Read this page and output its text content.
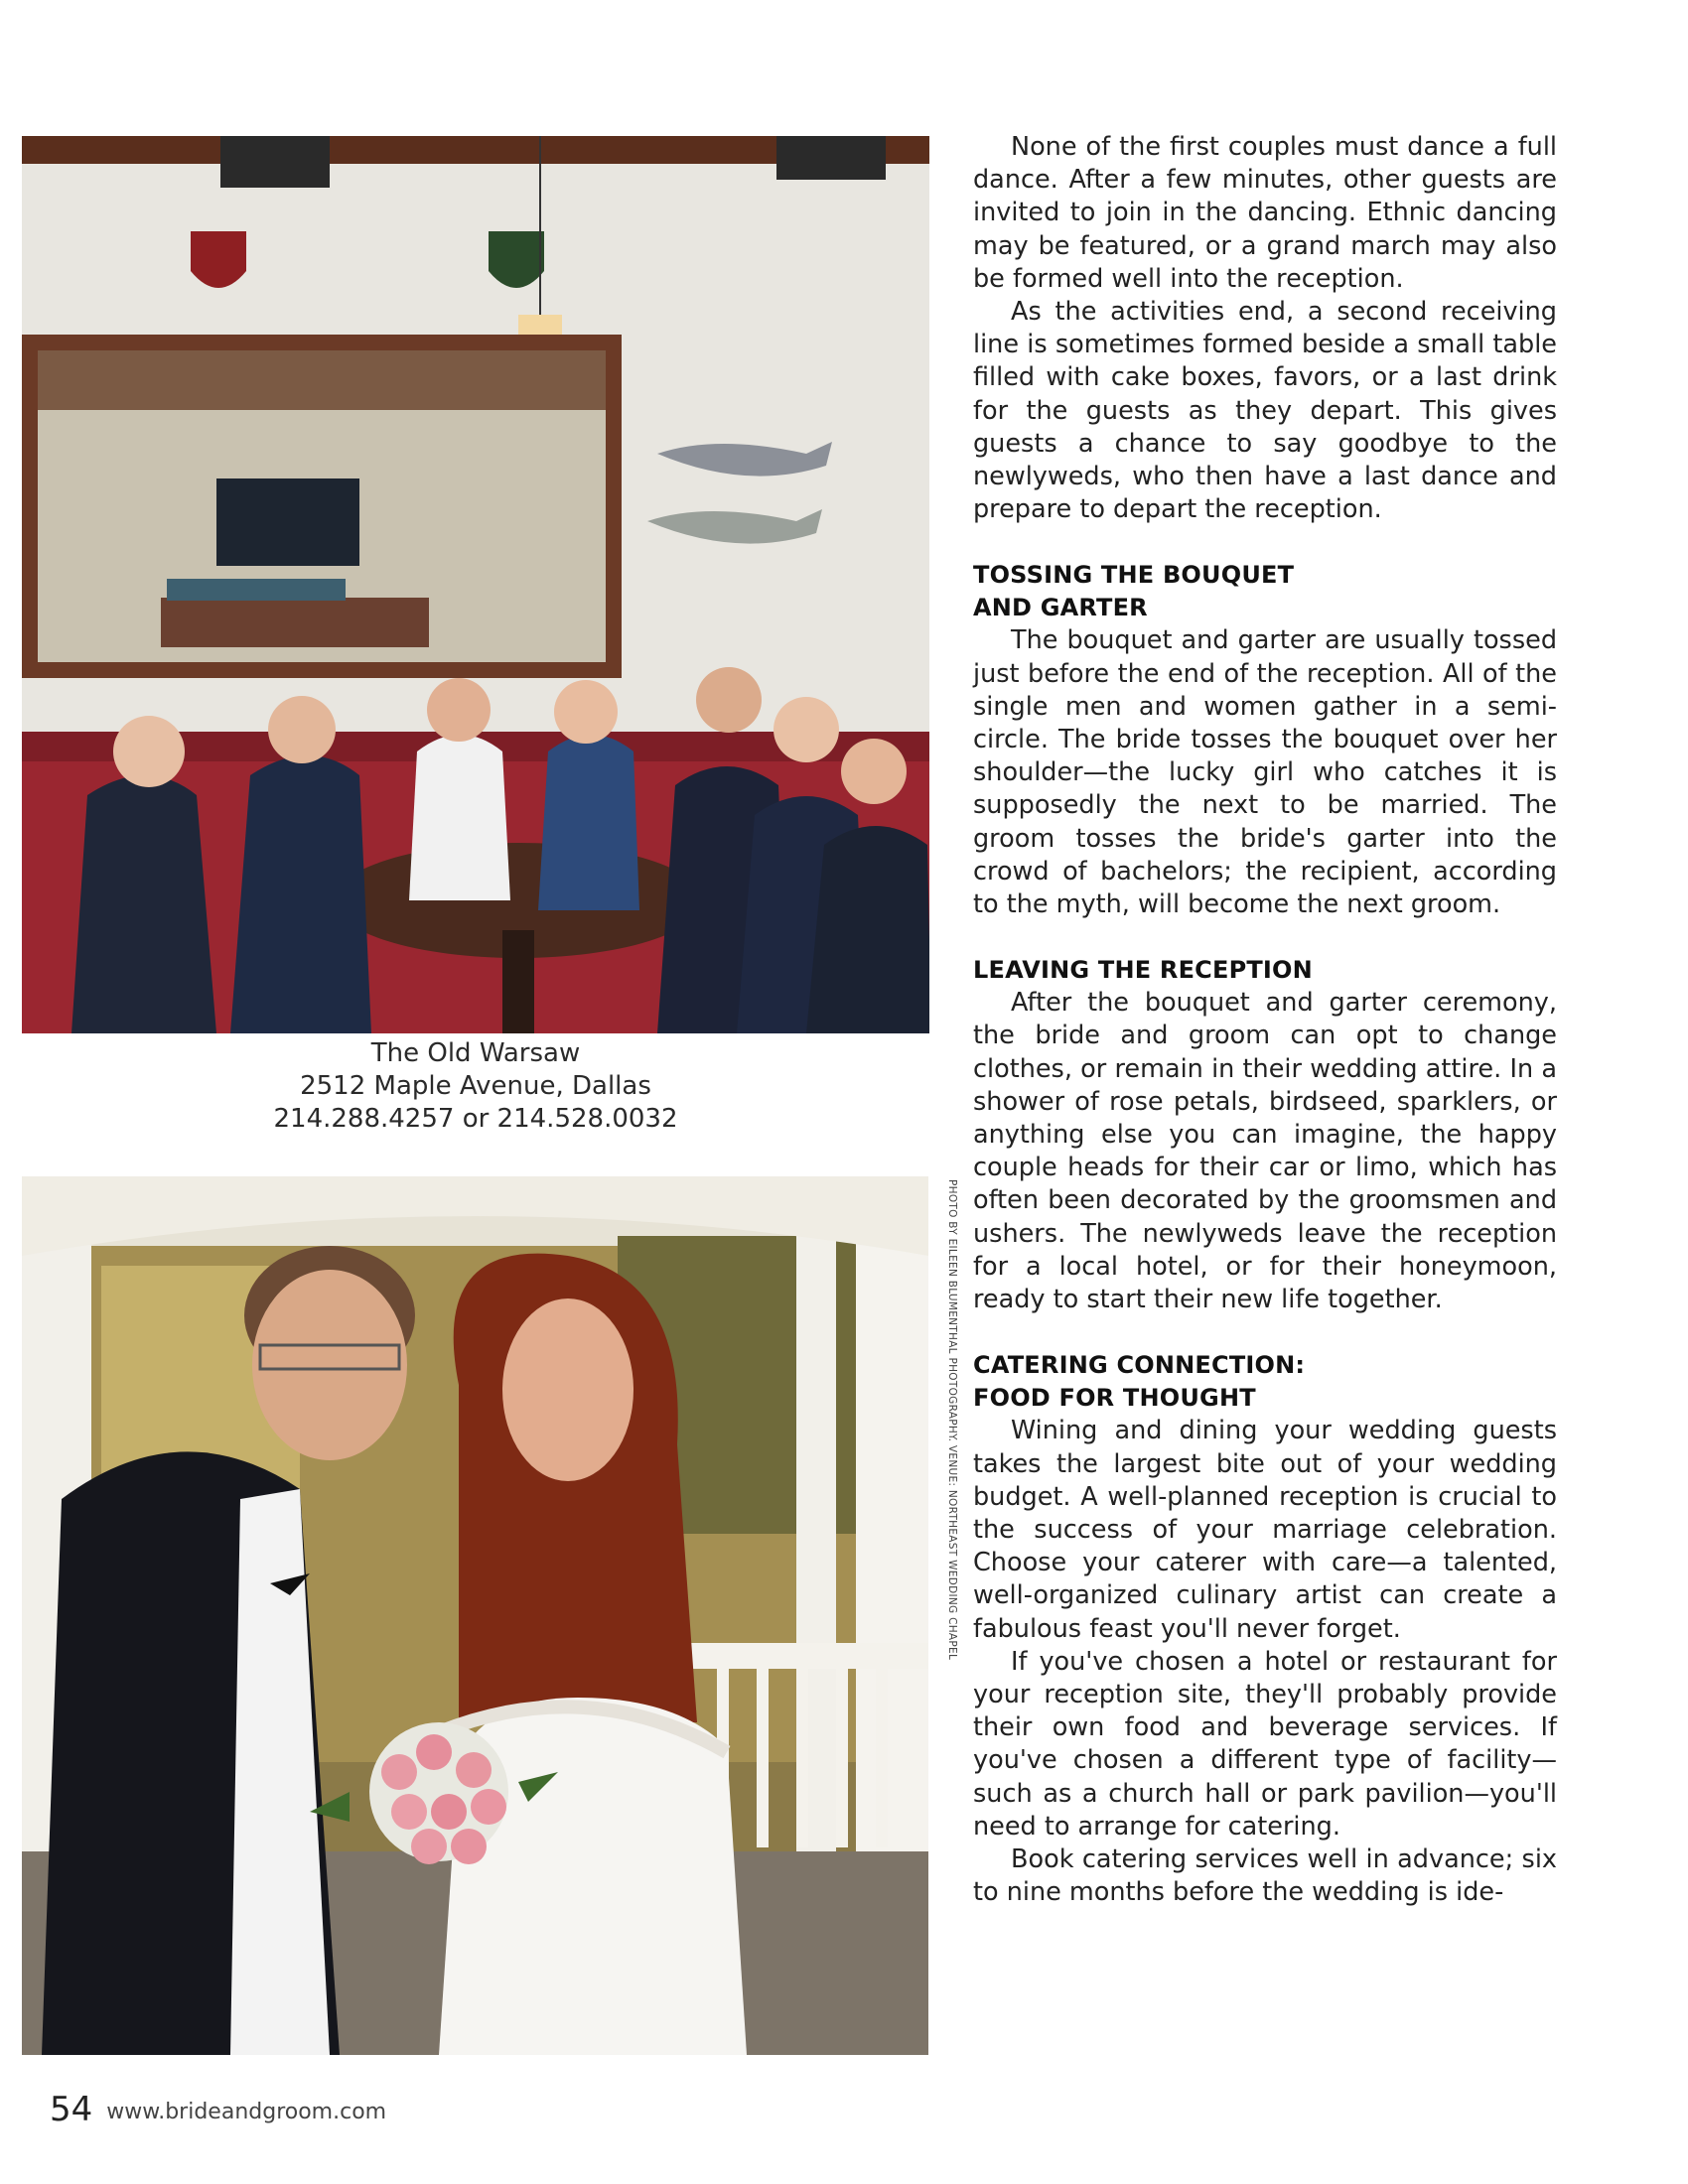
The Old Warsaw
2512 Maple Avenue, Dallas
214.288.4257 or 214.528.0032
PHOTO BY EILEEN BLUMENTHAL PHOTOGRAPHY. VENUE: NORTHEAST WEDDING CHAPEL

None of the first couples must dance a full dance. After a few minutes, other guests are invited to join in the dancing. Ethnic dancing may be featured, or a grand march may also be formed well into the reception.

As the activities end, a second receiving line is sometimes formed beside a small table filled with cake boxes, favors, or a last drink for the guests as they depart. This gives guests a chance to say goodbye to the newlyweds, who then have a last dance and prepare to depart the reception.

TOSSING THE BOUQUET
AND GARTER

The bouquet and garter are usually tossed just before the end of the reception. All of the single men and women gather in a semi-circle. The bride tosses the bouquet over her shoulder—the lucky girl who catches it is supposedly the next to be married. The groom tosses the bride's garter into the crowd of bachelors; the recipient, according to the myth, will become the next groom.

LEAVING THE RECEPTION

After the bouquet and garter ceremony, the bride and groom can opt to change clothes, or remain in their wedding attire. In a shower of rose petals, birdseed, sparklers, or anything else you can imagine, the happy couple heads for their car or limo, which has often been decorated by the groomsmen and ushers. The newlyweds leave the reception for a local hotel, or for their honeymoon, ready to start their new life together.

CATERING CONNECTION:
FOOD FOR THOUGHT

Wining and dining your wedding guests takes the largest bite out of your wedding budget. A well-planned reception is crucial to the success of your marriage celebration. Choose your caterer with care—a talented, well-organized culinary artist can create a fabulous feast you'll never forget.

If you've chosen a hotel or restaurant for your reception site, they'll probably provide their own food and beverage services. If you've chosen a different type of facility—such as a church hall or park pavilion—you'll need to arrange for catering.

Book catering services well in advance; six to nine months before the wedding is ide-

54 www.brideandgroom.com
